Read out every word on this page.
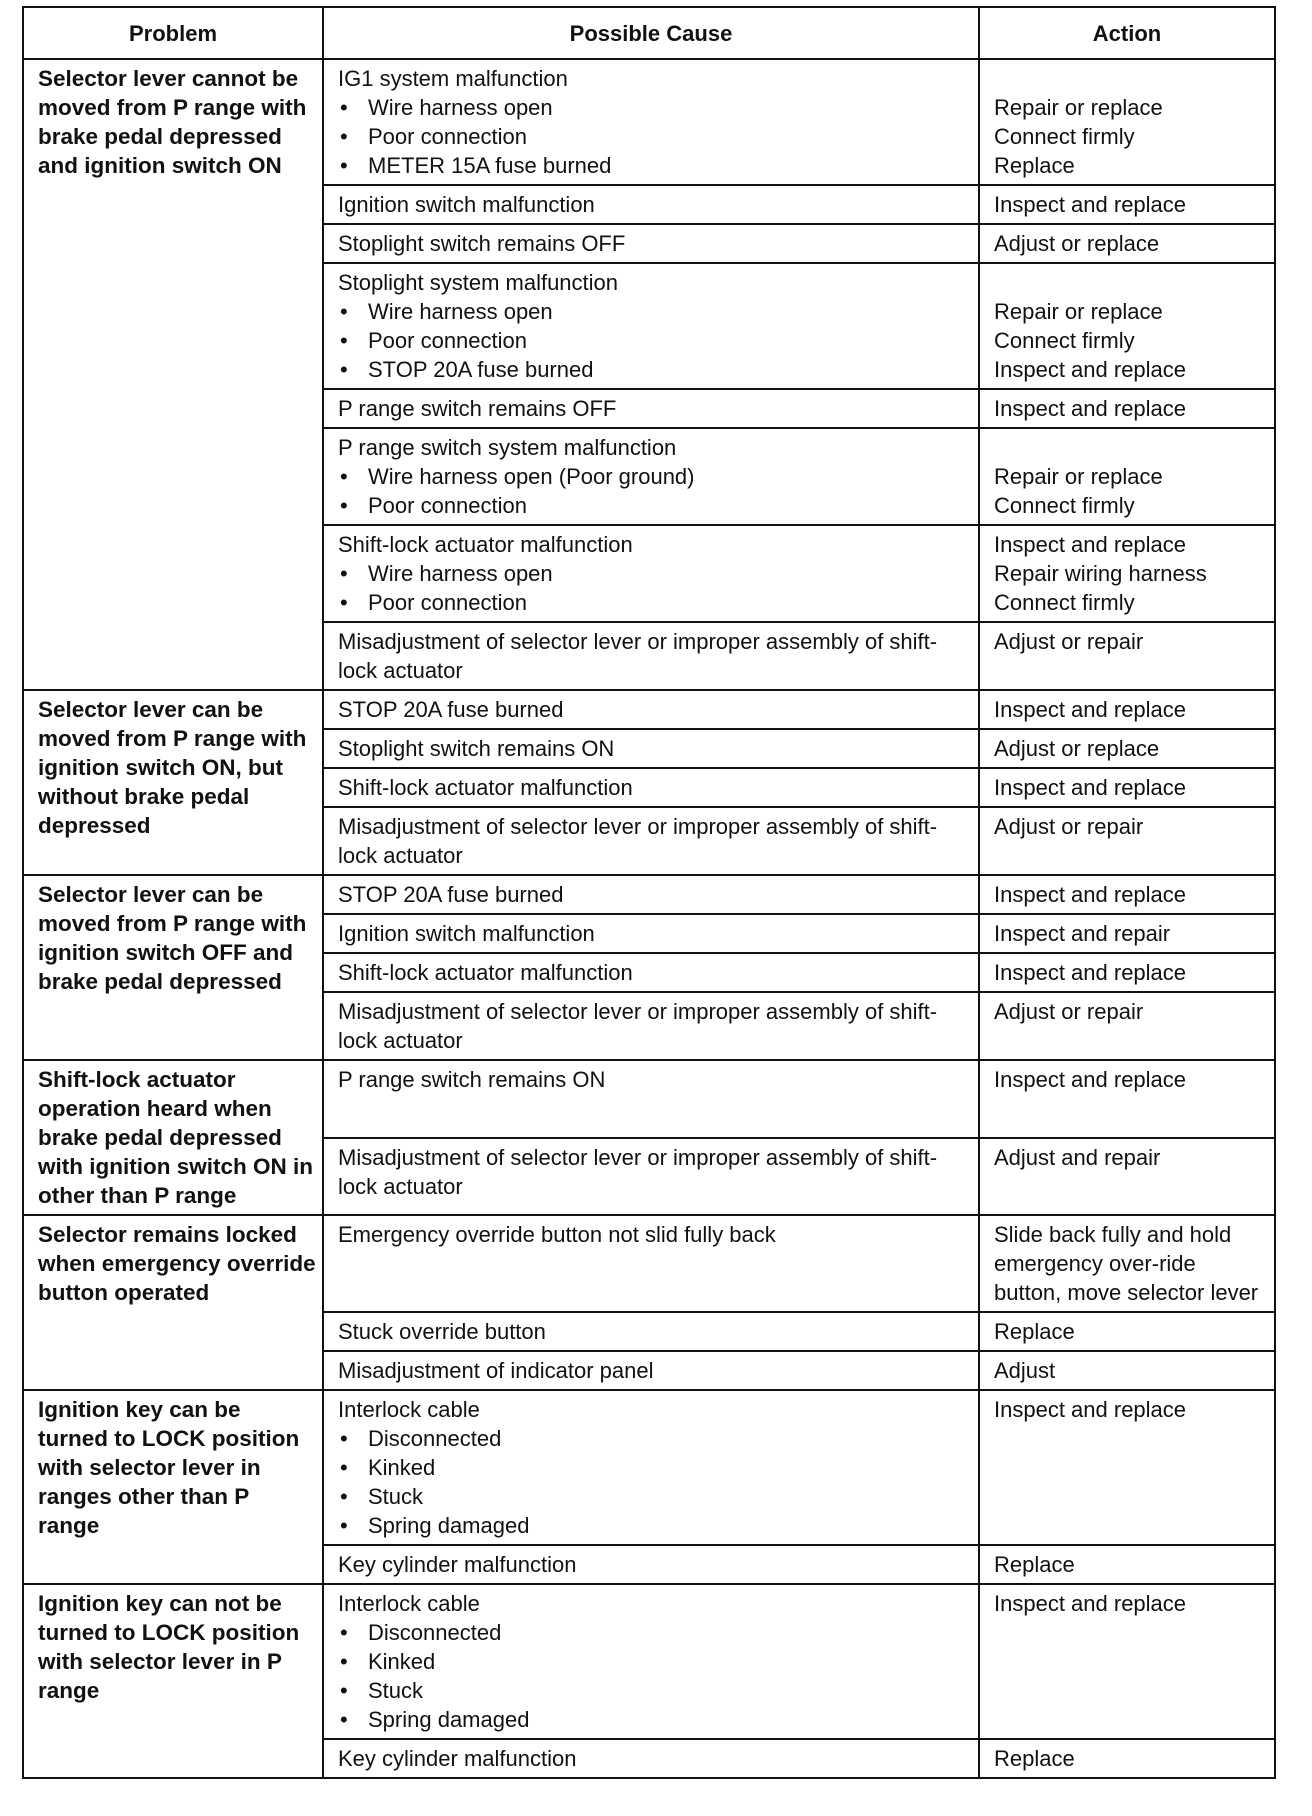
Problem	Possible Cause	Action
Selector lever cannot be moved from P range with brake pedal depressed and ignition switch ON	IG1 system malfunction
• Wire harness open
• Poor connection
• METER 15A fuse burned	Repair or replace
Connect firmly
Replace

	Ignition switch malfunction	Inspect and replace

	Stoplight switch remains OFF	Adjust or replace

	Stoplight system malfunction
• Wire harness open
• Poor connection
• STOP 20A fuse burned	Repair or replace
Connect firmly
Inspect and replace

	P range switch remains OFF	Inspect and replace

	P range switch system malfunction
• Wire harness open (Poor ground)
• Poor connection	Repair or replace
Connect firmly

	Shift-lock actuator malfunction
• Wire harness open
• Poor connection	Inspect and replace
Repair wiring harness
Connect firmly

	Misadjustment of selector lever or improper assembly of shift-lock actuator	Adjust or repair

Selector lever can be moved from P range with ignition switch ON, but without brake pedal depressed	STOP 20A fuse burned	Inspect and replace

	Stoplight switch remains ON	Adjust or replace

	Shift-lock actuator malfunction	Inspect and replace

	Misadjustment of selector lever or improper assembly of shift-lock actuator	Adjust or repair

Selector lever can be moved from P range with ignition switch OFF and brake pedal depressed	STOP 20A fuse burned	Inspect and replace

	Ignition switch malfunction	Inspect and repair

	Shift-lock actuator malfunction	Inspect and replace

	Misadjustment of selector lever or improper assembly of shift-lock actuator	Adjust or repair

Shift-lock actuator operation heard when brake pedal depressed with ignition switch ON in other than P range	P range switch remains ON	Inspect and replace

	Misadjustment of selector lever or improper assembly of shift-lock actuator	Adjust and repair

Selector remains locked when emergency override button operated	Emergency override button not slid fully back	Slide back fully and hold emergency over-ride button, move selector lever

	Stuck override button	Replace

	Misadjustment of indicator panel	Adjust

Ignition key can be turned to LOCK position with selector lever in ranges other than P range	Interlock cable
• Disconnected
• Kinked
• Stuck
• Spring damaged	Inspect and replace

	Key cylinder malfunction	Replace

Ignition key can not be turned to LOCK position with selector lever in P range	Interlock cable
• Disconnected
• Kinked
• Stuck
• Spring damaged	Inspect and replace

	Key cylinder malfunction	Replace
